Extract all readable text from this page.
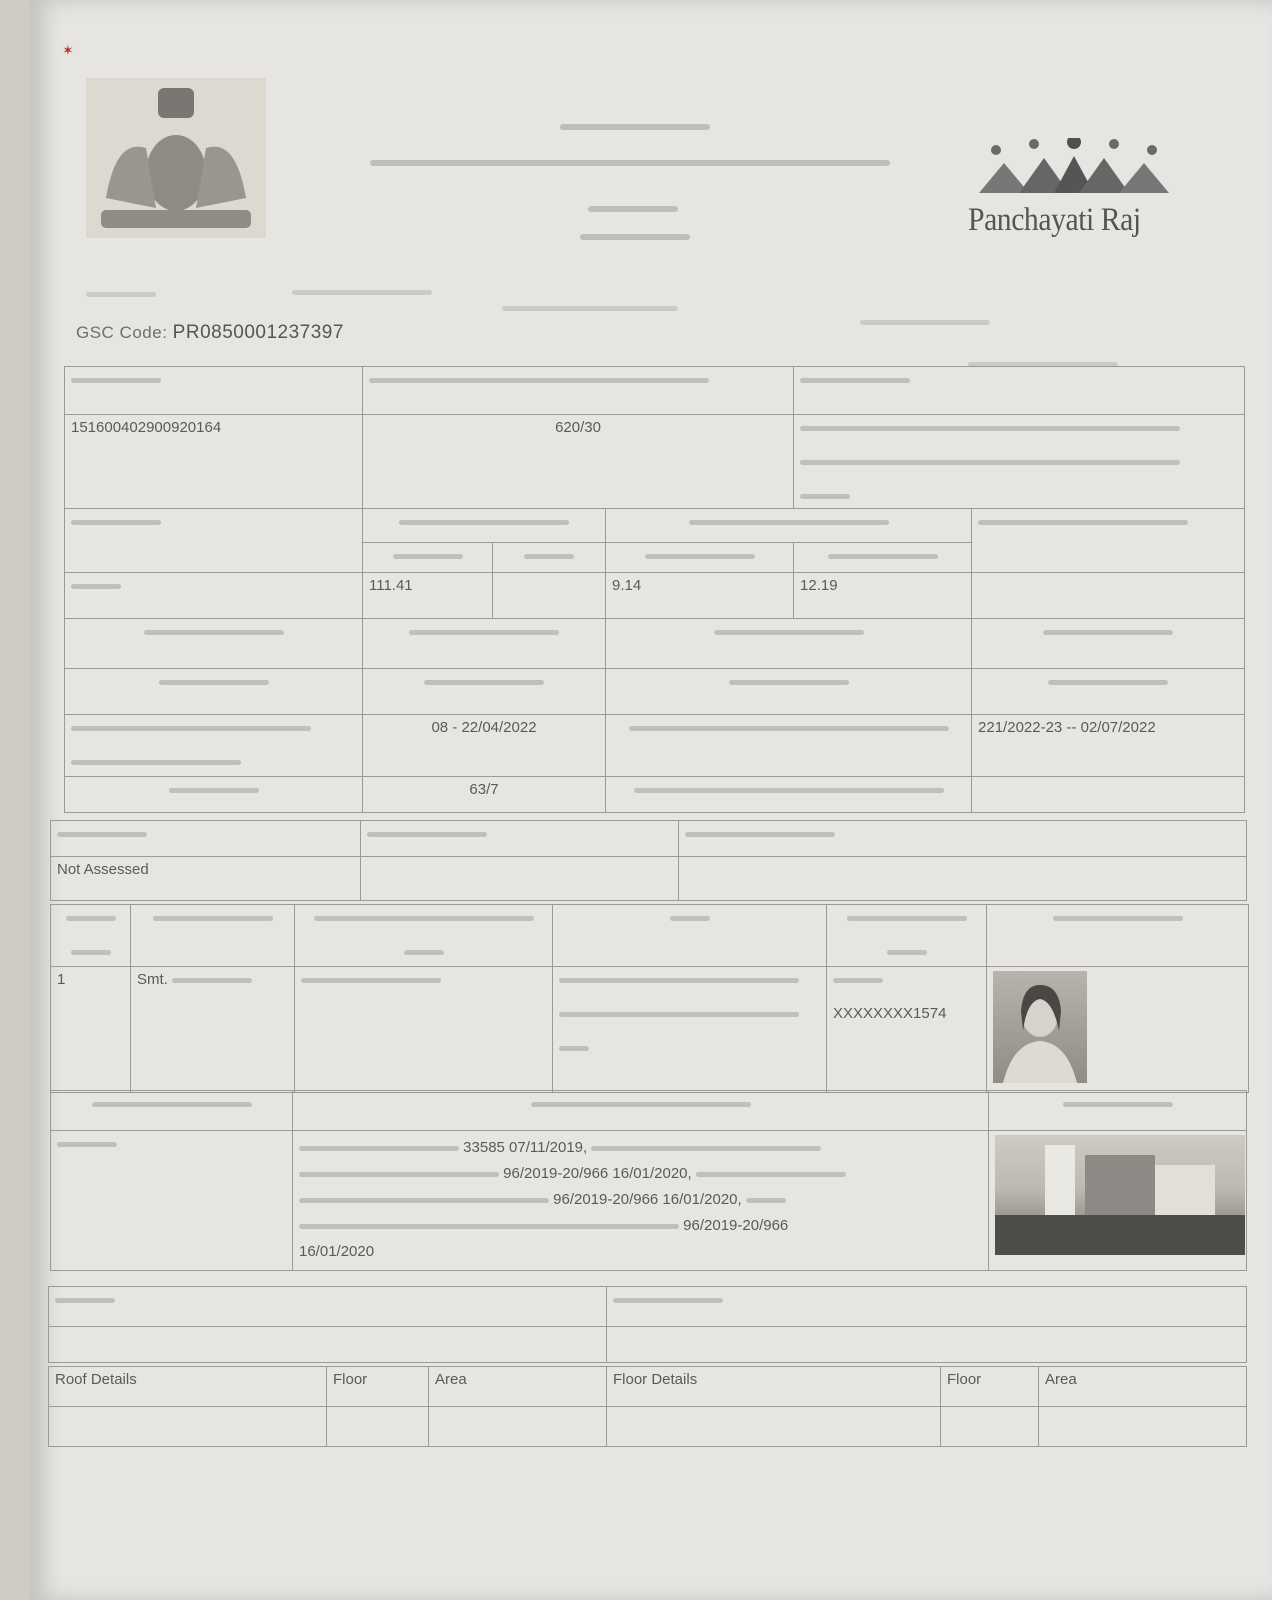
✶
Panchayati Raj
GSC Code: PR0850001237397

151600402900920164	620/30				

	111.41		9.14	12.19	

	08 - 22/04/2022				221/2022-23 -- 02/07/2022
	63/7				

Not Assessed		

1	Smt.			XXXXXXXX1574	

	33585 07/11/2019,
96/2019-20/966 16/01/2020,
96/2019-20/966 16/01/2020,
96/2019-20/966
16/01/2020	

Roof Details	Floor	Area	Floor Details	Floor	Area
